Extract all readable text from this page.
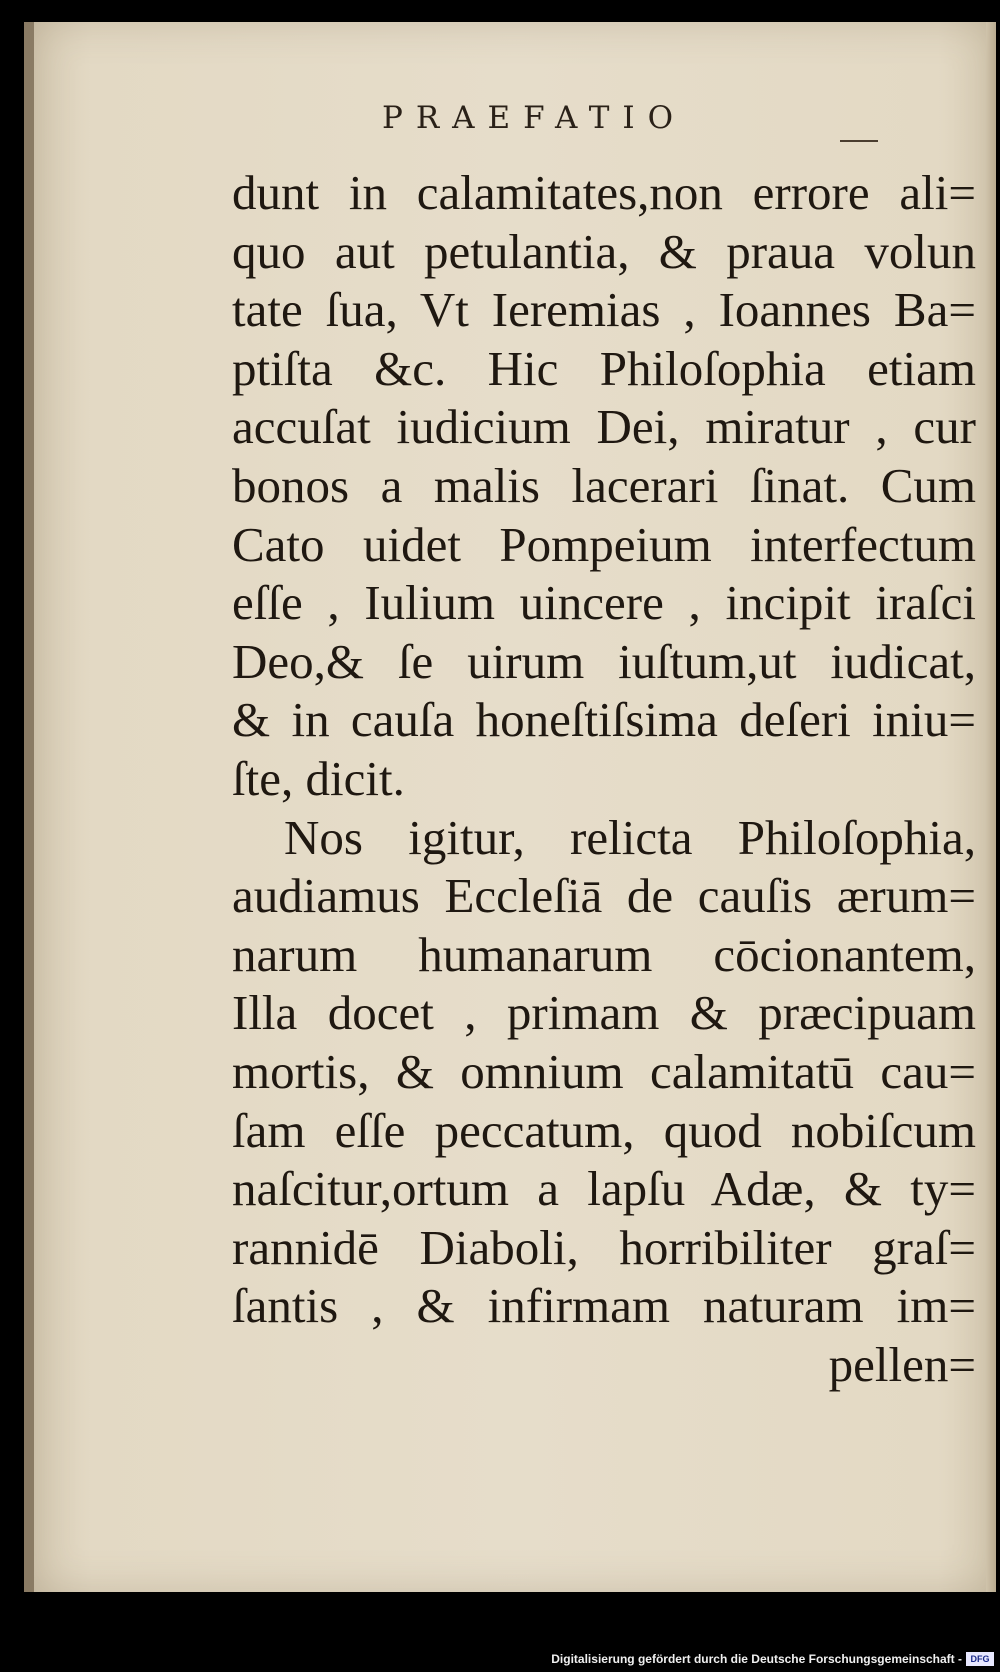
PRAEFATIO
dunt in calamitates,non errore ali=
quo aut petulantia, & praua volun
tate ſua, Vt Ieremias , Ioannes Ba=
ptiſta &c. Hic Philoſophia etiam
accuſat iudicium Dei, miratur , cur
bonos a malis lacerari ſinat. Cum
Cato uidet Pompeium interfectum
eſſe , Iulium uincere , incipit iraſci
Deo,& ſe uirum iuſtum,ut iudicat,
& in cauſa honeſtiſsima deſeri iniu=
ſte, dicit.
Nos igitur, relicta Philoſophia,
audiamus Eccleſiā de cauſis ærum=
narum humanarum cōcionantem,
Illa docet , primam & præcipuam
mortis, & omnium calamitatū cau=
ſam eſſe peccatum, quod nobiſcum
naſcitur,ortum a lapſu Adæ, & ty=
rannidē Diaboli, horribiliter graſ=
ſantis , & infirmam naturam im=
pellen=
Digitalisierung gefördert durch die Deutsche Forschungsgemeinschaft - DFG
